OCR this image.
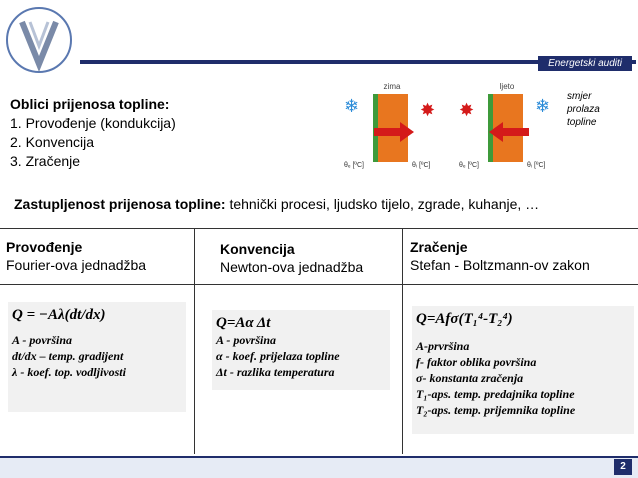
Energetski auditi
Oblici prijenosa topline:
1. Provođenje (kondukcija)
2. Konvencija
3. Zračenje
zima
❄	✸
θₑ [ºC]	θᵢ [ºC]
ljeto
✸	❄
θₑ [ºC]	θᵢ [ºC]
smjer
prolaza
topline
Zastupljenost prijenosa topline: tehnički procesi, ljudsko tijelo, zgrade, kuhanje, …
Provođenje
Fourier-ova jednadžba
Konvencija
Newton-ova jednadžba
Zračenje
Stefan - Boltzmann-ov zakon
Q = −Aλ(dt/dx)
A - površina
dt/dx – temp. gradijent
λ - koef. top. vodljivosti
Q=Aα Δt
A - površina
α - koef. prijelaza topline
Δt - razlika temperatura
Q=Afσ(T₁⁴-T₂⁴)
A-prvršina
f- faktor oblika površina
σ- konstanta zračenja
T₁-aps. temp. predajnika topline
T₂-aps. temp. prijemnika topline
2
